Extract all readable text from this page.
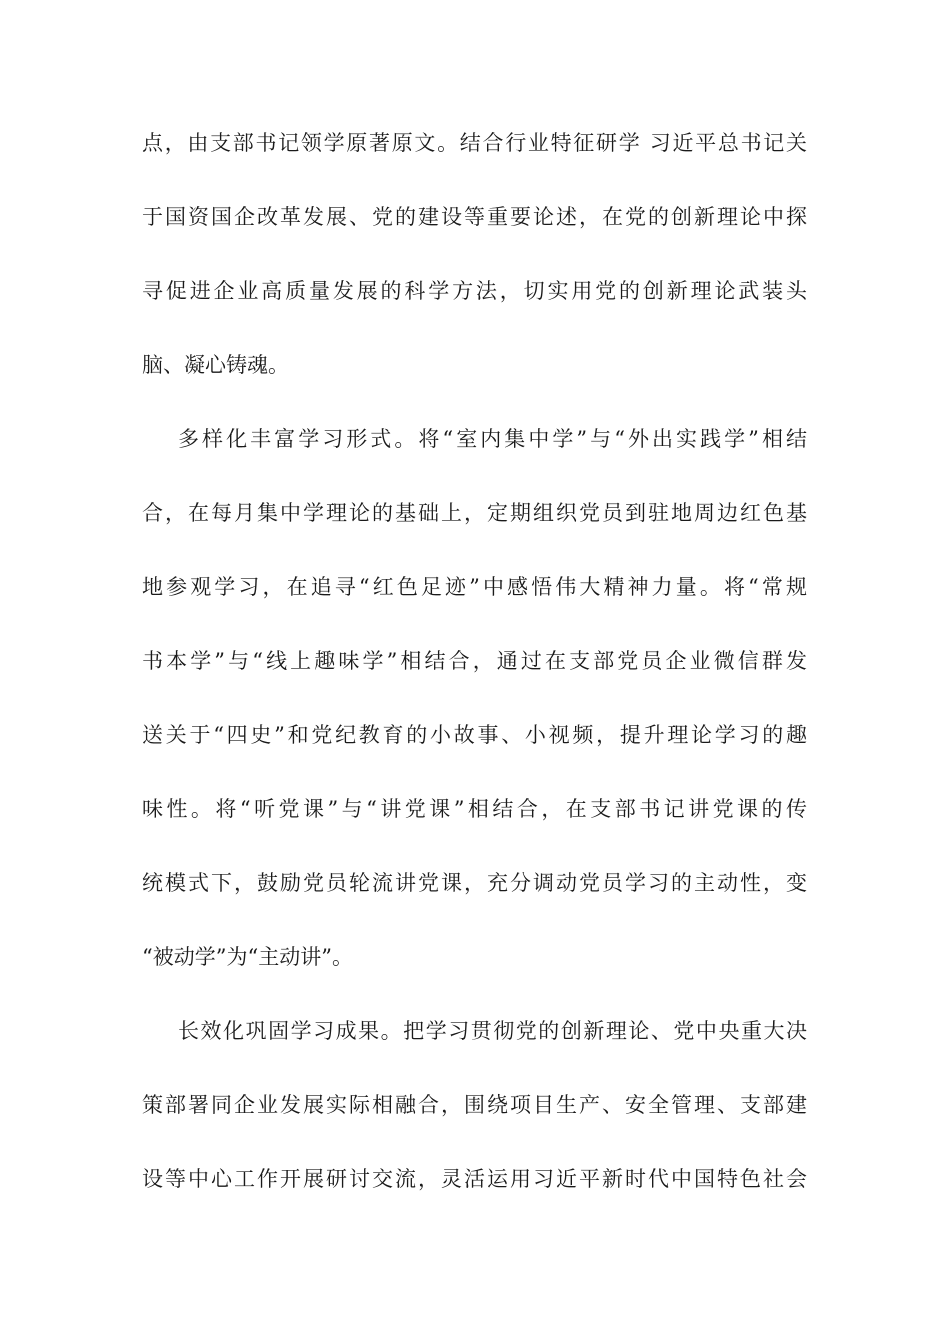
点，由支部书记领学原著原文。结合行业特征研学 习近平总书记关
于国资国企改革发展、党的建设等重要论述，在党的创新理论中探
寻促进企业高质量发展的科学方法，切实用党的创新理论武装头
脑、凝心铸魂。
多样化丰富学习形式。将“室内集中学”与“外出实践学”相结
合，在每月集中学理论的基础上，定期组织党员到驻地周边红色基
地参观学习，在追寻“红色足迹”中感悟伟大精神力量。将“常规
书本学”与“线上趣味学”相结合，通过在支部党员企业微信群发
送关于“四史”和党纪教育的小故事、小视频，提升理论学习的趣
味性。将“听党课”与“讲党课”相结合，在支部书记讲党课的传
统模式下，鼓励党员轮流讲党课，充分调动党员学习的主动性，变
“被动学”为“主动讲”。
长效化巩固学习成果。把学习贯彻党的创新理论、党中央重大决
策部署同企业发展实际相融合，围绕项目生产、安全管理、支部建
设等中心工作开展研讨交流，灵活运用习近平新时代中国特色社会
